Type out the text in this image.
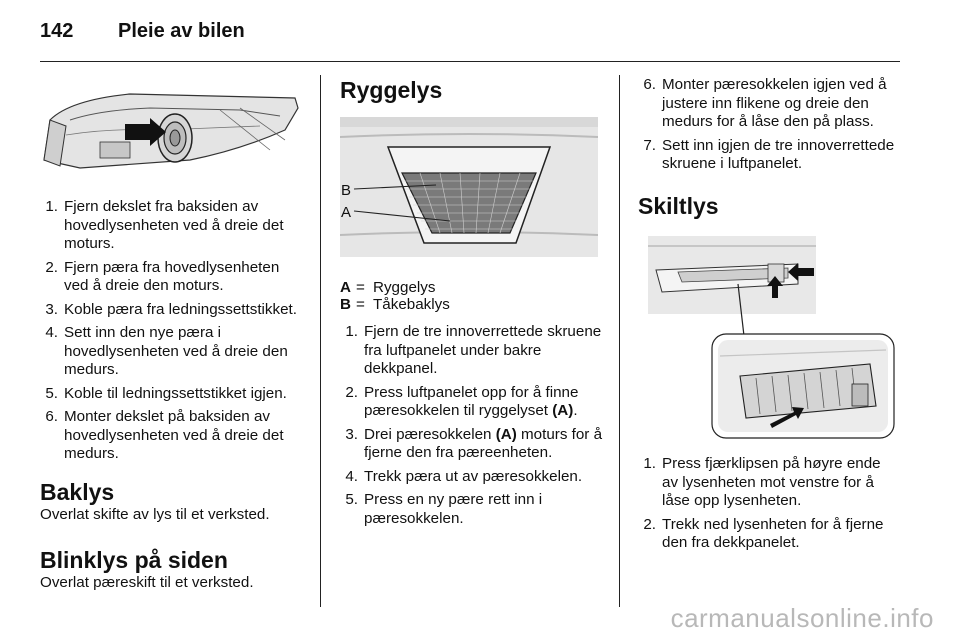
142	Pleie av bilen
1. Fjern dekslet fra baksiden av hovedlysenheten ved å dreie det moturs.
2. Fjern pæra fra hovedlysenheten ved å dreie den moturs.
3. Koble pæra fra ledningssettstikket.
4. Sett inn den nye pæra i hovedlysenheten ved å dreie den medurs.
5. Koble til ledningssettstikket igjen.
6. Monter dekslet på baksiden av hovedlysenheten ved å dreie det medurs.
Baklys

Overlat skifte av lys til et verksted.

Blinklys på siden

Overlat pæreskift til et verksted.

Ryggelys
B
A
A = Ryggelys
B = Tåkebaklys
1. Fjern de tre innoverrettede skruene fra luftpanelet under bakre dekkpanel.
2. Press luftpanelet opp for å finne pæresokkelen til ryggelyset (A).
3. Drei pæresokkelen (A) moturs for å fjerne den fra pæreenheten.
4. Trekk pæra ut av pæresokkelen.
5. Press en ny pære rett inn i pæresokkelen.
6. Monter pæresokkelen igjen ved å justere inn flikene og dreie den medurs for å låse den på plass.
7. Sett inn igjen de tre innoverrettede skruene i luftpanelet.
Skiltlys
1. Press fjærklipsen på høyre ende av lysenheten mot venstre for å låse opp lysenheten.
2. Trekk ned lysenheten for å fjerne den fra dekkpanelet.
carmanualsonline.info
